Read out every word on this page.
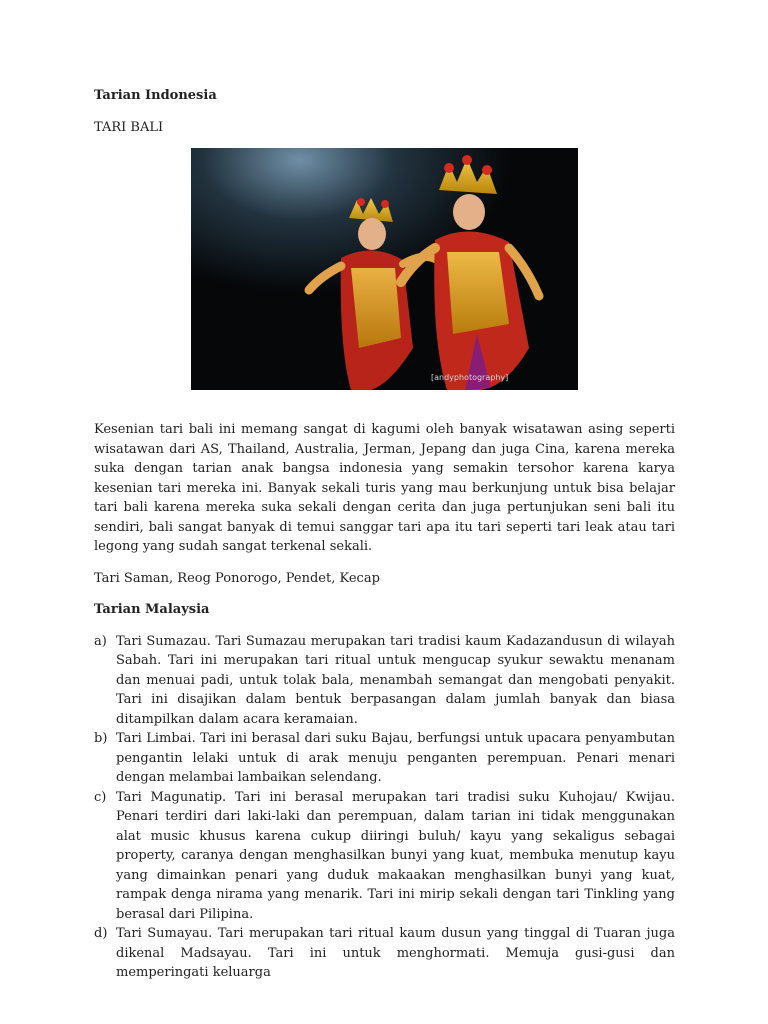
Tarian Indonesia

TARI BALI

[andyphotography]

Kesenian tari bali ini memang sangat di kagumi oleh banyak wisatawan asing seperti wisatawan dari AS, Thailand, Australia, Jerman, Jepang dan juga Cina, karena mereka suka dengan tarian anak bangsa indonesia yang semakin tersohor karena karya kesenian tari mereka ini. Banyak sekali turis yang mau berkunjung untuk bisa belajar tari bali karena mereka suka sekali dengan cerita dan juga pertunjukan seni bali itu sendiri, bali sangat banyak di temui sanggar tari apa itu tari seperti tari leak atau tari legong yang sudah sangat terkenal sekali.

Tari Saman, Reog Ponorogo, Pendet, Kecap

Tarian Malaysia

a) Tari Sumazau. Tari Sumazau merupakan tari tradisi kaum Kadazandusun di wilayah Sabah. Tari ini merupakan tari ritual untuk mengucap syukur sewaktu menanam dan menuai padi, untuk tolak bala, menambah semangat dan mengobati penyakit. Tari ini disajikan dalam bentuk berpasangan dalam jumlah banyak dan biasa ditampilkan dalam acara keramaian.
b) Tari Limbai. Tari ini berasal dari suku Bajau, berfungsi untuk upacara penyambutan pengantin lelaki untuk di arak menuju penganten perempuan. Penari menari dengan melambai lambaikan selendang.
c) Tari Magunatip. Tari ini berasal merupakan tari tradisi suku Kuhojau/ Kwijau. Penari terdiri dari laki-laki dan perempuan, dalam tarian ini tidak menggunakan alat music khusus karena cukup diiringi buluh/ kayu yang sekaligus sebagai property, caranya dengan menghasilkan bunyi yang kuat, membuka menutup kayu yang dimainkan penari yang duduk makaakan menghasilkan bunyi yang kuat, rampak denga nirama yang menarik. Tari ini mirip sekali dengan tari Tinkling yang berasal dari Pilipina.
d) Tari Sumayau. Tari merupakan tari ritual kaum dusun yang tinggal di Tuaran juga dikenal Madsayau. Tari ini untuk menghormati. Memuja gusi-gusi dan memperingati keluarga
